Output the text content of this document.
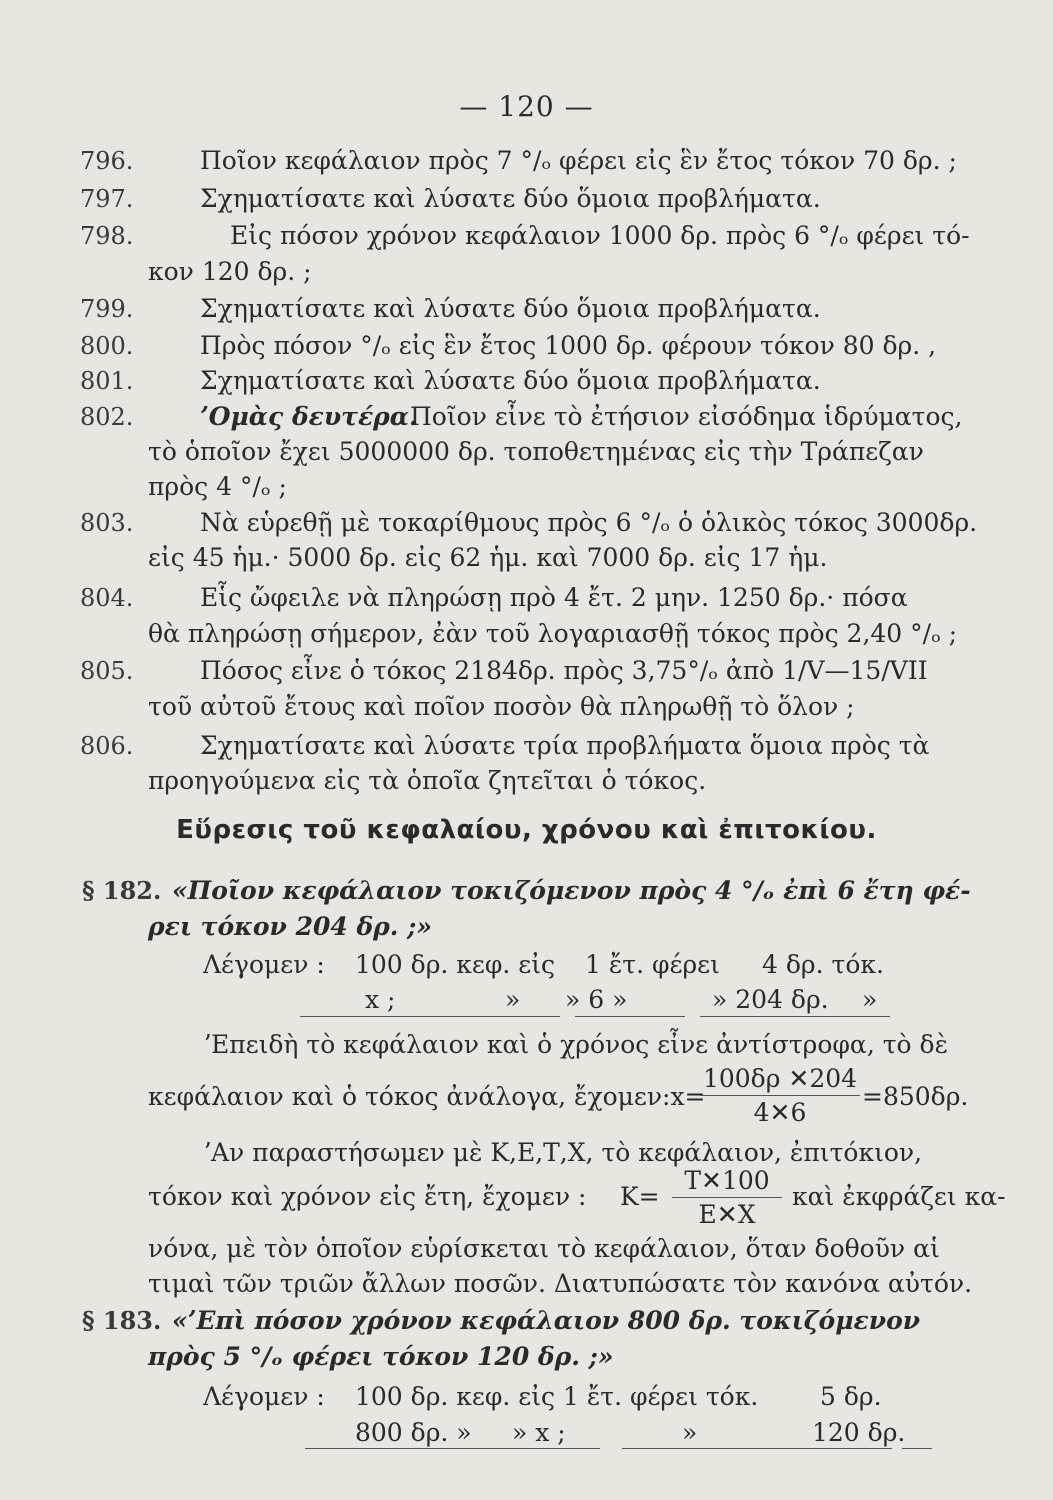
— 120 —
796.	Ποῖον κεφάλαιον πρὸς 7 °/ₒ φέρει εἰς ἓν ἔτος τόκον 70 δρ. ;
797.	Σχηματίσατε καὶ λύσατε δύο ὅμοια προβλήματα.
798.	Εἰς πόσον χρόνον κεφάλαιον 1000 δρ. πρὸς 6 °/ₒ φέρει τό-
κον 120 δρ. ;
799.	Σχηματίσατε καὶ λύσατε δύο ὅμοια προβλήματα.
800.	Πρὸς πόσον °/ₒ εἰς ἓν ἔτος 1000 δρ. φέρουν τόκον 80 δρ. ,
801.	Σχηματίσατε καὶ λύσατε δύο ὅμοια προβλήματα.
802.	ʼΟμὰς δευτέρα.
Ποῖον εἶνε τὸ ἐτήσιον εἰσόδημα ἱδρύματος,
τὸ ὁποῖον ἔχει 5000000 δρ. τοποθετημένας εἰς τὴν Τράπεζαν
πρὸς 4 °/ₒ ;
803.	Νὰ εὑρεθῇ μὲ τοκαρίθμους πρὸς 6 °/ₒ ὁ ὁλικὸς τόκος 3000δρ.
εἰς 45 ἡμ.· 5000 δρ. εἰς 62 ἡμ. καὶ 7000 δρ. εἰς 17 ἡμ.
804.	Εἷς ὤφειλε νὰ πληρώσῃ πρὸ 4 ἔτ. 2 μην. 1250 δρ.· πόσα
θὰ πληρώσῃ σήμερον, ἐὰν τοῦ λογαριασθῇ τόκος πρὸς 2,40 °/ₒ ;
805.	Πόσος εἶνε ὁ τόκος 2184δρ. πρὸς 3,75°/ₒ ἀπὸ 1/V—15/VII
τοῦ αὐτοῦ ἔτους καὶ ποῖον ποσὸν θὰ πληρωθῇ τὸ ὅλον ;
806.	Σχηματίσατε καὶ λύσατε τρία προβλήματα ὅμοια πρὸς τὰ
προηγούμενα εἰς τὰ ὁποῖα ζητεῖται ὁ τόκος.
Εὕρεσις τοῦ κεφαλαίου, χρόνου καὶ ἐπιτοκίου.
§ 182. «Ποῖον κεφάλαιον τοκιζόμενον πρὸς 4 °/ₒ ἐπὶ 6 ἔτη φέ-
ρει τόκον 204 δρ. ;»
Λέγομεν : 100 δρ. κεφ. εἰς 1 ἔτ. φέρει 4 δρ. τόκ.
x ;	» » 6 »	» 204 δρ. »
ʼΕπειδὴ τὸ κεφάλαιον καὶ ὁ χρόνος εἶνε ἀντίστροφα, τὸ δὲ
κεφάλαιον καὶ ὁ τόκος ἀνάλογα, ἔχομεν:x=
100δρ ✕204
4✕6
=850δρ.
ʼΑν παραστήσωμεν μὲ Κ,Ε,Τ,Χ, τὸ κεφάλαιον, ἐπιτόκιον,
τόκον καὶ χρόνον εἰς ἔτη, ἔχομεν : Κ=
Τ✕100
Ε✕Χ
καὶ ἐκφράζει κα-
νόνα, μὲ τὸν ὁποῖον εὑρίσκεται τὸ κεφάλαιον, ὅταν δοθοῦν αἱ
τιμαὶ τῶν τριῶν ἄλλων ποσῶν. Διατυπώσατε τὸν κανόνα αὐτόν.
§ 183. «ʼΕπὶ πόσον χρόνον κεφάλαιον 800 δρ. τοκιζόμενον
πρὸς 5 °/ₒ φέρει τόκον 120 δρ. ;»
Λέγομεν : 100 δρ. κεφ. εἰς 1 ἔτ. φέρει τόκ. 5 δρ.
800 δρ. » » x ;	»	120 δρ.
